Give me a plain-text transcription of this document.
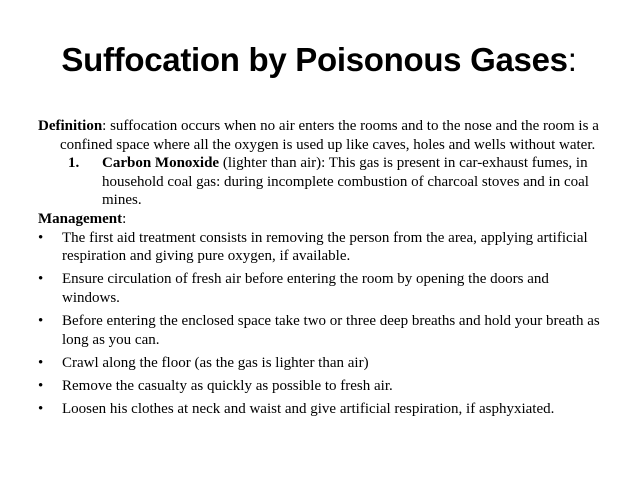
Suffocation by Poisonous Gases:

Definition: suffocation occurs when no air enters the rooms and to the nose and the room is a confined space where all the oxygen is used up like caves, holes and wells without water.

1.	Carbon Monoxide (lighter than air): This gas is present in car-exhaust fumes, in household coal gas: during incomplete combustion of charcoal stoves and in coal mines.

Management:

•	The first aid treatment consists in removing the person from the area, applying artificial respiration and giving pure oxygen, if available.
•	Ensure circulation of fresh air before entering the room by opening the doors and windows.
•	Before entering the enclosed space take two or three deep breaths and hold your breath as long as you can.
•	Crawl along the floor (as the gas is lighter than air)
•	Remove the casualty as quickly as possible to fresh air.
•	Loosen his clothes at neck and waist and give artificial respiration, if asphyxiated.
